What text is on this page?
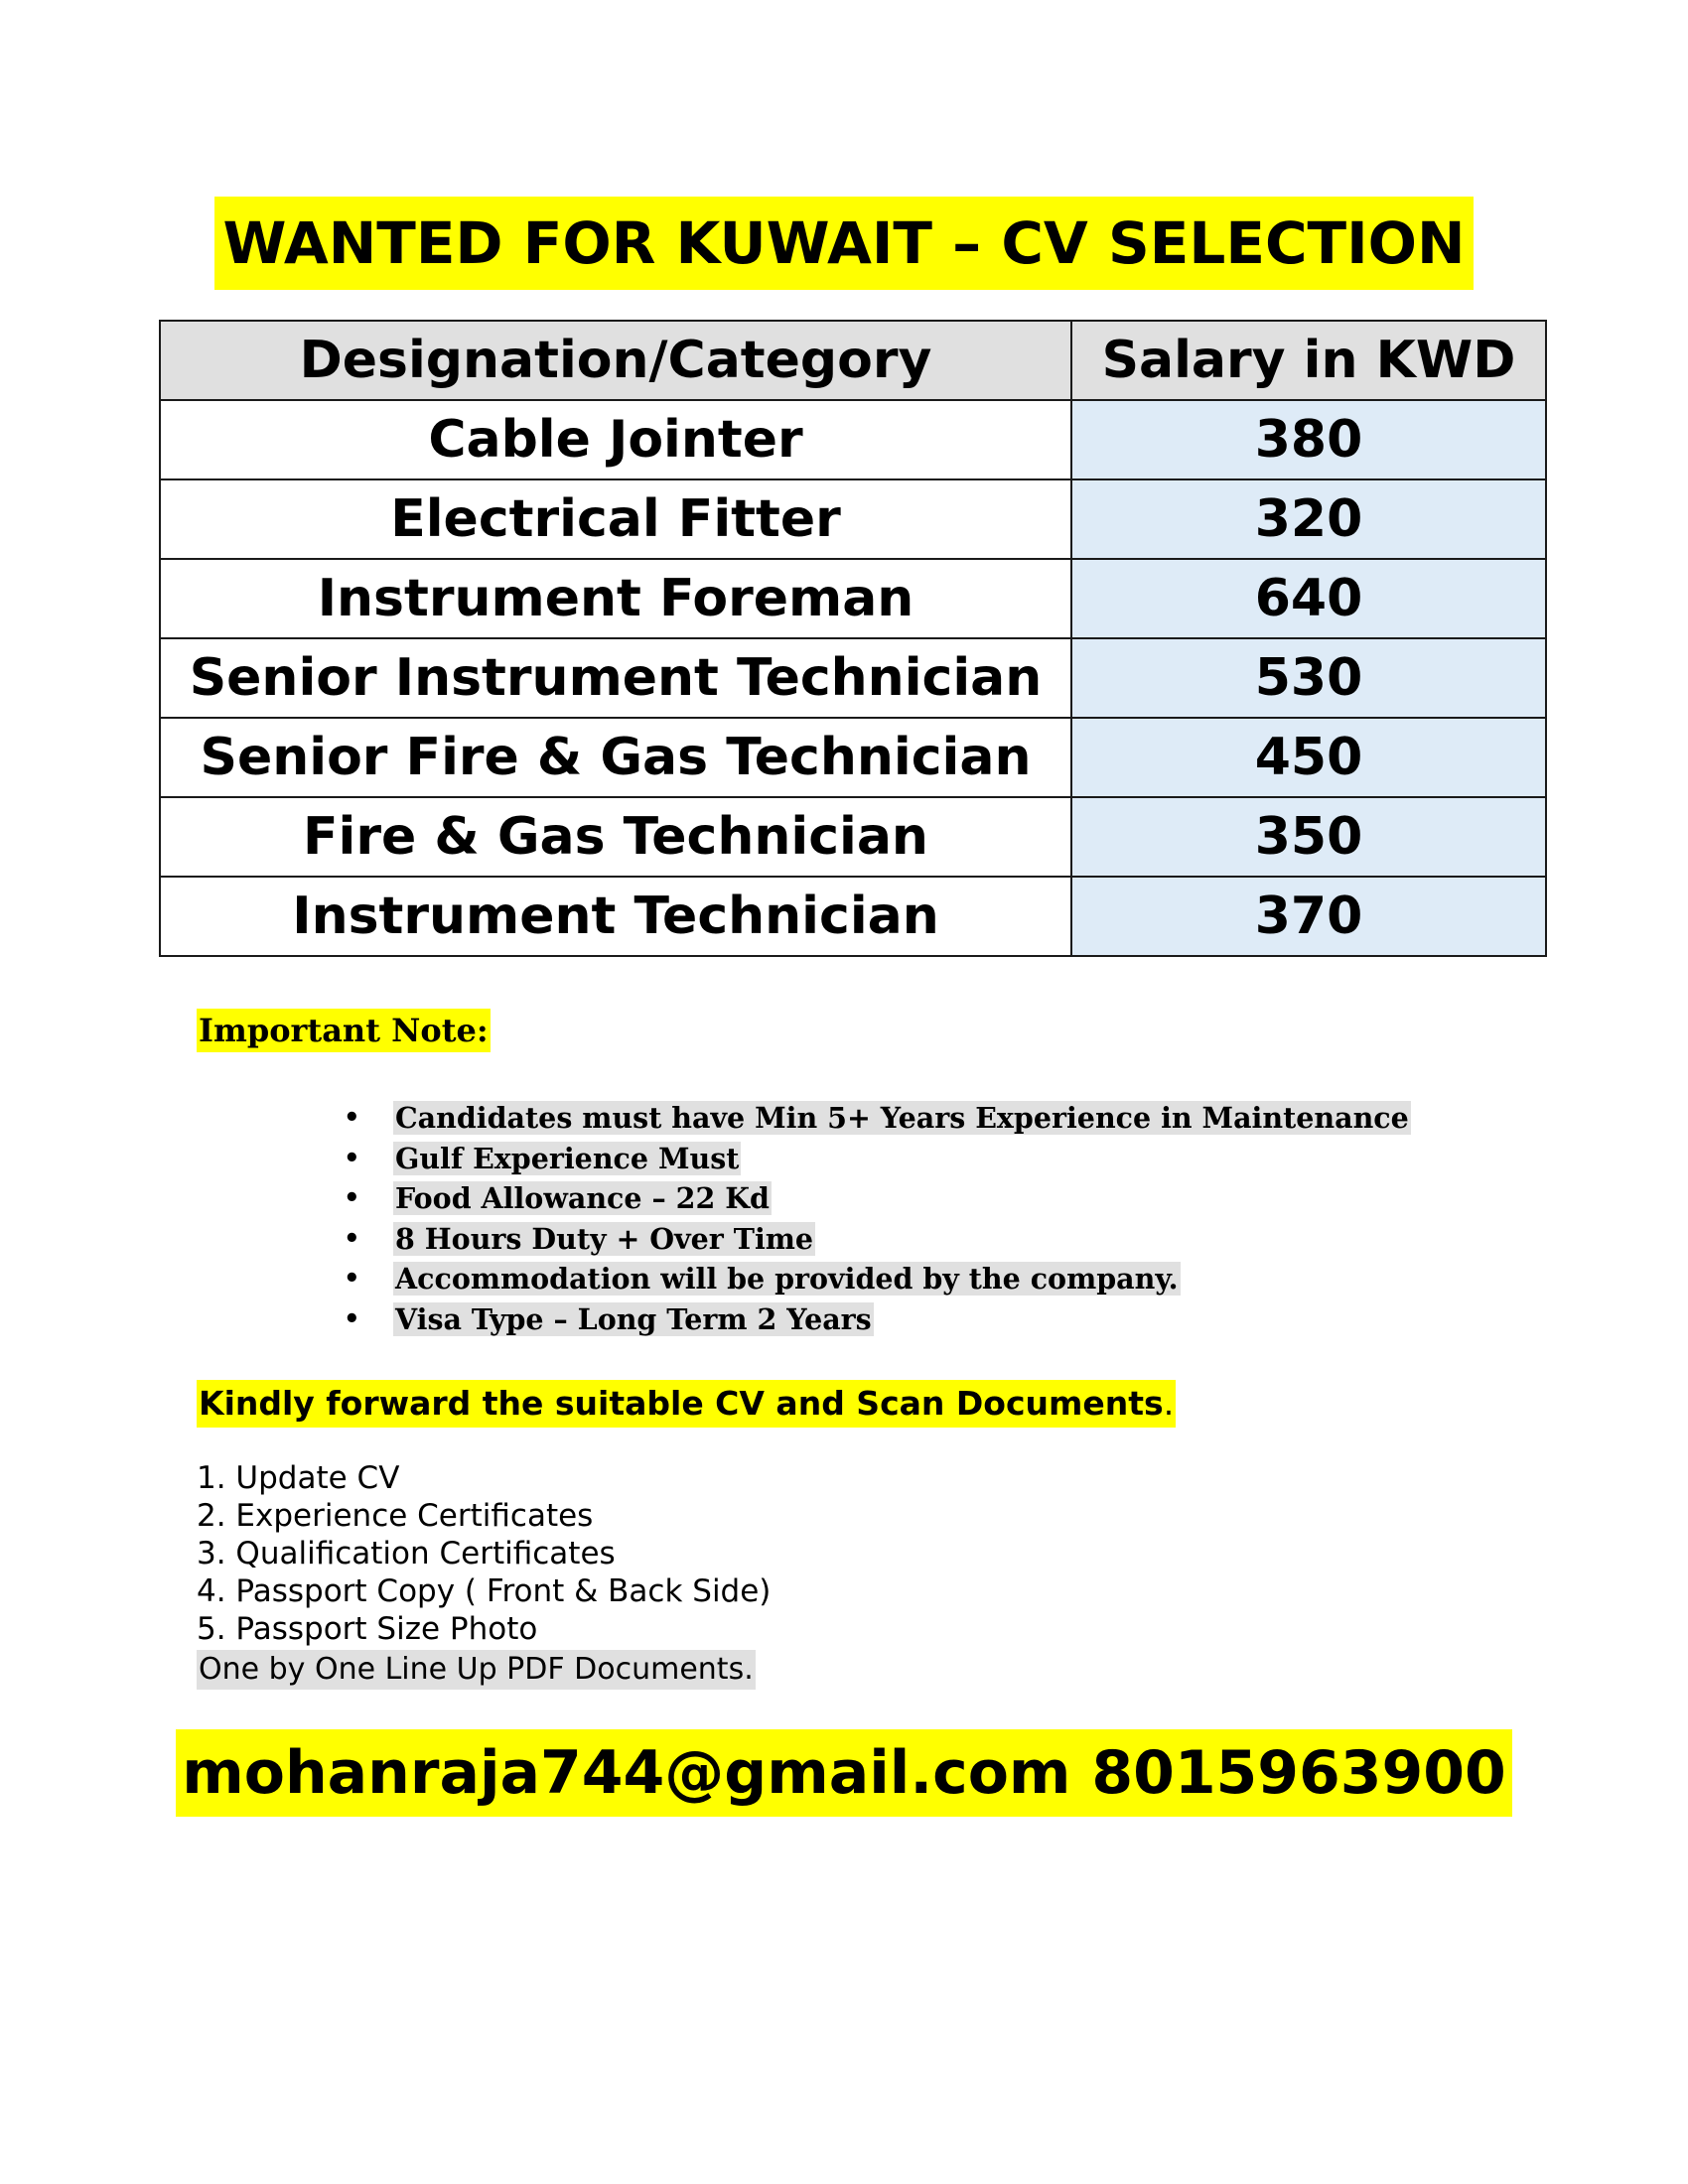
WANTED FOR KUWAIT – CV SELECTION
Designation/Category	Salary in KWD
Cable Jointer	380
Electrical Fitter	320
Instrument Foreman	640
Senior Instrument Technician	530
Senior Fire & Gas Technician	450
Fire & Gas Technician	350
Instrument Technician	370
Important Note:
• Candidates must have Min 5+ Years Experience in Maintenance
• Gulf Experience Must
• Food Allowance – 22 Kd
• 8 Hours Duty + Over Time
• Accommodation will be provided by the company.
• Visa Type – Long Term 2 Years
Kindly forward the suitable CV and Scan Documents.
1. Update CV
2. Experience Certificates
3. Qualification Certificates
4. Passport Copy ( Front & Back Side)
5. Passport Size Photo
One by One Line Up PDF Documents.
mohanraja744@gmail.com 8015963900
